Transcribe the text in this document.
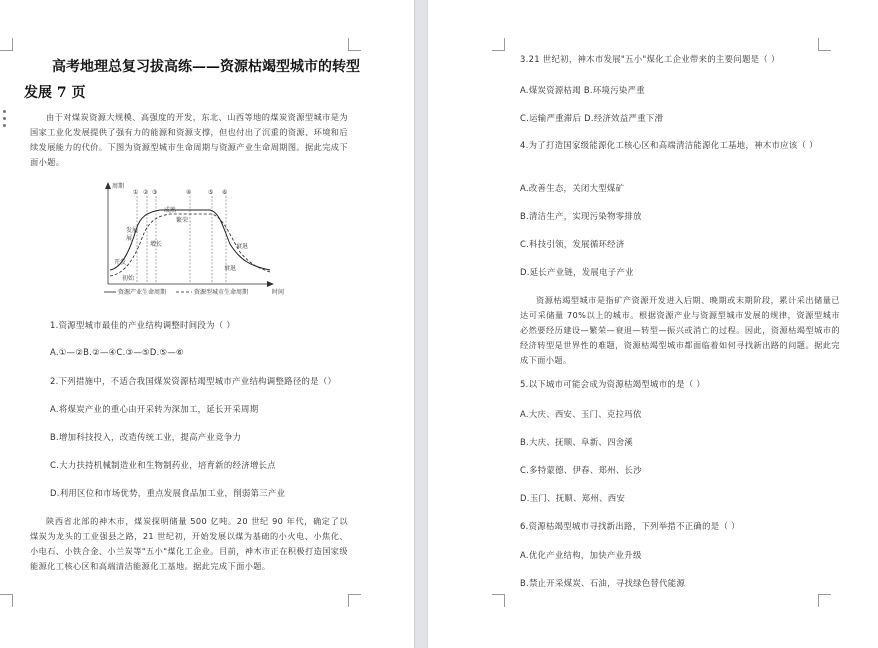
高考地理总复习拔高练——资源枯竭型城市的转型发展 7 页

由于对煤炭资源大规模、高强度的开发，东北、山西等地的煤炭资源型城市是为国家工业化发展提供了强有力的能源和资源支撑，但也付出了沉重的资源、环境和后续发展能力的代价。下图为资源型城市生命周期与资源产业生命周期图。据此完成下面小题。

周期
时间
① ② ③	④	⑤ ⑥
开发
发展
展
成熟
衰退
初始
增长
繁荣
衰退
资源产业生命周期	资源型城市生命周期

1.资源型城市最佳的产业结构调整时间段为（ ）

A.①—②B.②—④C.③—⑤D.⑤—⑥

2.下列措施中，不适合我国煤炭资源枯竭型城市产业结构调整路径的是（）

A.将煤炭产业的重心由开采转为深加工，延长开采周期

B.增加科技投入，改造传统工业，提高产业竞争力

C.大力扶持机械制造业和生物制药业，培育新的经济增长点

D.利用区位和市场优势，重点发展食品加工业，削弱第三产业

陕西省北部的神木市，煤炭探明储量 500 亿吨。20 世纪 90 年代，确定了以煤炭为龙头的工业强县之路，21 世纪初，开始发展以煤为基础的小火电、小焦化、小电石、小铁合金、小兰炭等"五小"煤化工企业。目前，神木市正在积极打造国家级能源化工核心区和高端清洁能源化工基地。据此完成下面小题。

3.21 世纪初，神木市发展"五小"煤化工企业带来的主要问题是（ ）

A.煤炭资源枯竭 B.环境污染严重

C.运输严重滞后 D.经济效益严重下滑

4.为了打造国家级能源化工核心区和高端清洁能源化工基地，神木市应该（ ）

A.改善生态，关闭大型煤矿

B.清洁生产，实现污染物零排放

C.科技引领，发展循环经济

D.延长产业链，发展电子产业

资源枯竭型城市是指矿产资源开发进入后期、晚期或末期阶段，累计采出储量已达可采储量 70%以上的城市。根据资源产业与资源型城市发展的规律，资源型城市必然要经历建设—繁荣—衰退—转型—振兴或消亡的过程。因此，资源枯竭型城市的经济转型是世界性的难题，资源枯竭型城市都面临着如何寻找新出路的问题。据此完成下面小题。

5.以下城市可能会成为资源枯竭型城市的是（ ）

A.大庆、西安、玉门、克拉玛依

B.大庆、抚顺、阜新、四舍溪

C.多特蒙德、伊春、郑州、长沙

D.玉门、抚顺、郑州、西安

6.资源枯竭型城市寻找新出路，下列举措不正确的是（ ）

A.优化产业结构，加快产业升级

B.禁止开采煤炭、石油，寻找绿色替代能源
